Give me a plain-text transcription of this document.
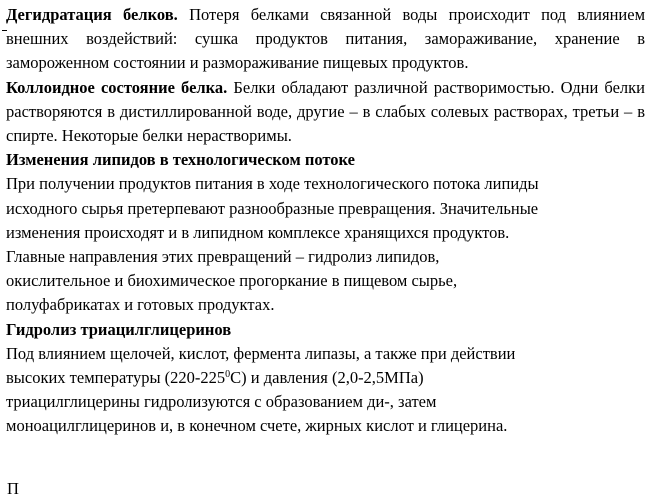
Дегидратация белков. Потеря белками связанной воды происходит под влиянием внешних воздействий: сушка продуктов питания, замораживание, хранение в замороженном состоянии и размораживание пищевых продуктов.

Коллоидное состояние белка. Белки обладают различной растворимостью. Одни белки растворяются в дистиллированной воде, другие – в слабых солевых растворах, третьи – в спирте. Некоторые белки нерастворимы.

Изменения липидов в технологическом потоке

При получении продуктов питания в ходе технологического потока липиды
исходного сырья претерпевают разнообразные превращения. Значительные
изменения происходят и в липидном комплексе хранящихся продуктов.
Главные направления этих превращений – гидролиз липидов,
окислительное и биохимическое прогоркание в пищевом сырье,
полуфабрикатах и готовых продуктах.

Гидролиз триацилглицеринов

Под влиянием щелочей, кислот, фермента липазы, а также при действии
высоких температуры $(220-225^0С)$ и давления (2,0-2,5МПа)
триацилглицерины гидролизуются с образованием ди-, затем
моноацилглицеринов и, в конечном счете, жирных кислот и глицерина.
П
